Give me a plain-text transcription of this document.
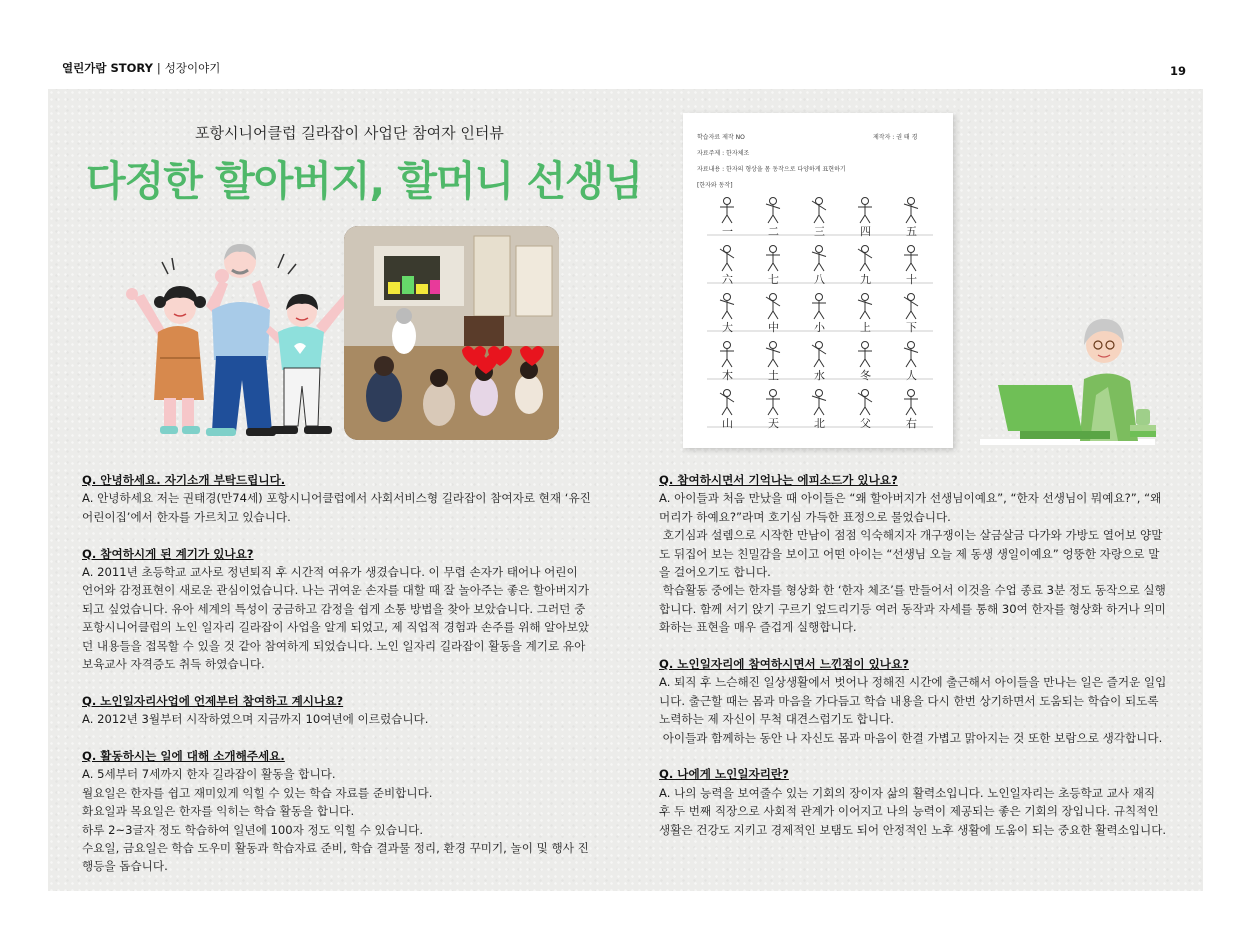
열린가람 STORY | 성장이야기	19
포항시니어클럽 길라잡이 사업단 참여자 인터뷰
다정한 할아버지, 할머니 선생님
학습자료 제작 NO	제작자 : 권 태 경
자료주제 : 한자체조
자료내용 : 한자의 형상을 몸 동작으로 다양하게 표현하기
[한자와 동작]
一	二	三	四	五
六	七	八	九	十
大	中	小	上	下
木	土	水	冬	人
山	天	北	父	右
Q. 안녕하세요. 자기소개 부탁드립니다.
A. 안녕하세요 저는 권태경(만74세) 포항시니어클럽에서 사회서비스형 길라잡이 참여자로 현재 ‘유진어린이집’에서 한자를 가르치고 있습니다.
Q. 참여하시게 된 계기가 있나요?
A. 2011년 초등학교 교사로 정년퇴직 후 시간적 여유가 생겼습니다. 이 무렵 손자가 태어나 어린이 언어와 감정표현이 새로운 관심이었습니다. 나는 귀여운 손자를 대할 때 잘 놀아주는 좋은 할아버지가 되고 싶었습니다. 유아 세계의 특성이 궁금하고 감정을 쉽게 소통 방법을 찾아 보았습니다. 그러던 중 포항시니어클럽의 노인 일자리 길라잡이 사업을 알게 되었고, 제 직업적 경험과 손주를 위해 알아보았던 내용들을 접목할 수 있을 것 같아 참여하게 되었습니다. 노인 일자리 길라잡이 활동을 계기로 유아 보육교사 자격증도 취득 하였습니다.
Q. 노인일자리사업에 언제부터 참여하고 계시나요?
A. 2012년 3월부터 시작하였으며 지금까지 10여년에 이르렀습니다.
Q. 활동하시는 일에 대해 소개해주세요.
A. 5세부터 7세까지 한자 길라잡이 활동을 합니다.
월요일은 한자를 쉽고 재미있게 익힐 수 있는 학습 자료를 준비합니다.
화요일과 목요일은 한자를 익히는 학습 활동을 합니다.
하루 2~3글자 정도 학습하여 일년에 100자 정도 익힐 수 있습니다.
수요일, 금요일은 학습 도우미 활동과 학습자료 준비, 학습 결과물 정리, 환경 꾸미기, 놀이 및 행사 진행등을 돕습니다.
Q. 참여하시면서 기억나는 에피소드가 있나요?
A. 아이들과 처음 만났을 때 아이들은 “왜 할아버지가 선생님이예요”, “한자 선생님이 뭐예요?”, “왜 머리가 하예요?”라며 호기심 가득한 표정으로 물었습니다.
호기심과 설렘으로 시작한 만남이 점점 익숙해지자 개구쟁이는 살금살금 다가와 가방도 열어보 양말도 뒤집어 보는 친밀감을 보이고 어떤 아이는 “선생님 오늘 제 동생 생일이예요” 엉뚱한 자랑으로 말을 걸어오기도 합니다.
학습활동 중에는 한자를 형상화 한 ‘한자 체조’를 만들어서 이것을 수업 종료 3분 정도 동작으로 실행합니다. 함께 서기 앉기 구르기 엎드리기등 여러 동작과 자세를 통해 30여 한자를 형상화 하거나 의미화하는 표현을 매우 즐겁게 실행합니다.
Q. 노인일자리에 참여하시면서 느낀점이 있나요?
A. 퇴직 후 느슨해진 일상생활에서 벗어나 정해진 시간에 출근해서 아이들을 만나는 일은 즐거운 일입니다. 출근할 때는 몸과 마음을 가다듬고 학습 내용을 다시 한번 상기하면서 도움되는 학습이 되도록 노력하는 제 자신이 무척 대견스럽기도 합니다.
아이들과 함께하는 동안 나 자신도 몸과 마음이 한결 가볍고 맑아지는 것 또한 보람으로 생각합니다.
Q. 나에게 노인일자리란?
A. 나의 능력을 보여줄수 있는 기회의 장이자 삶의 활력소입니다. 노인일자리는 초등학교 교사 재직 후 두 번째 직장으로 사회적 관계가 이어지고 나의 능력이 제공되는 좋은 기회의 장입니다. 규칙적인 생활은 건강도 지키고 경제적인 보탬도 되어 안정적인 노후 생활에 도움이 되는 중요한 활력소입니다.
